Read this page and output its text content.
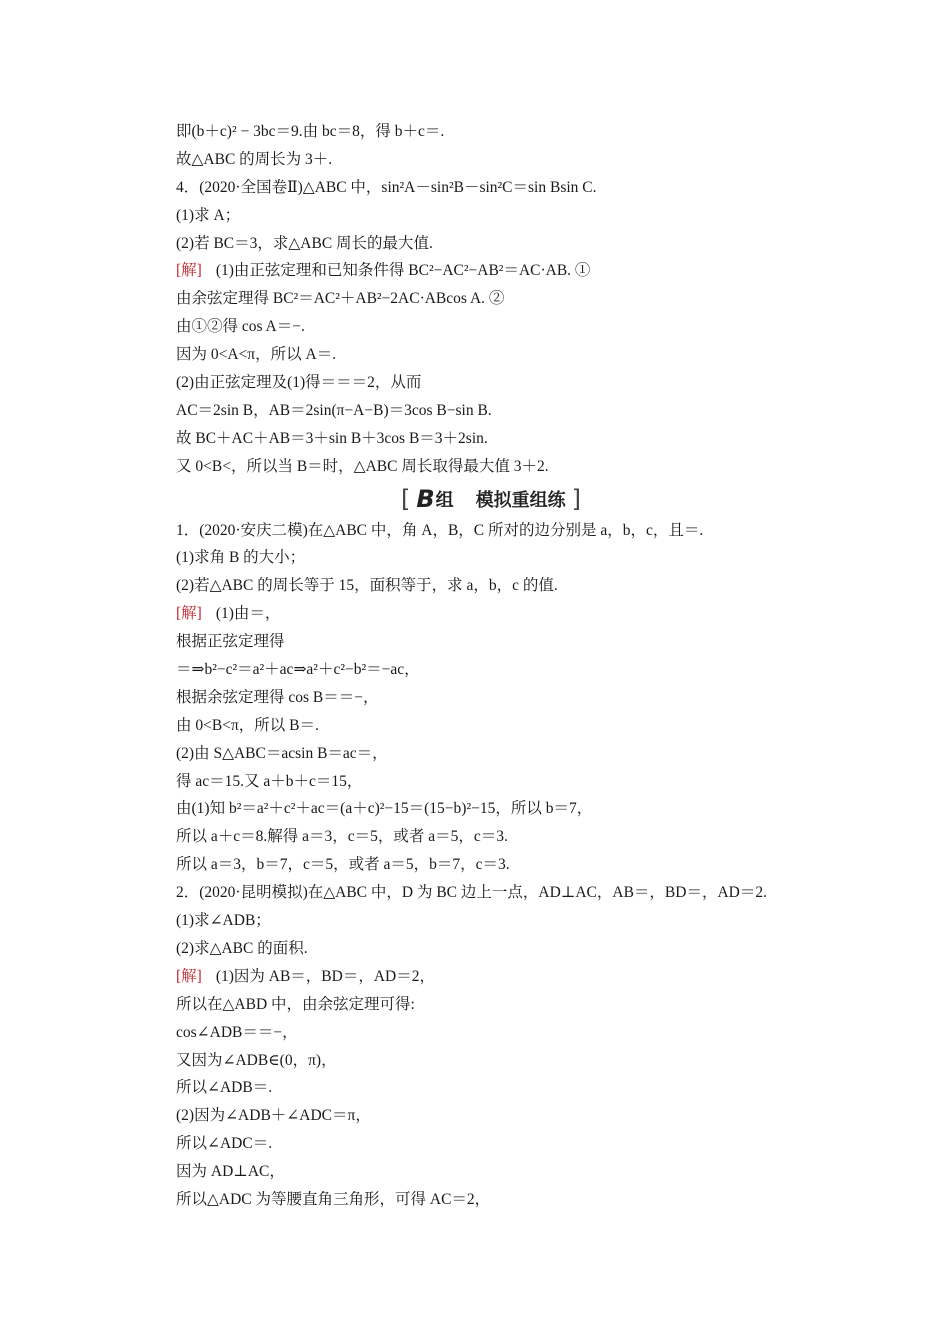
即(b＋c)² − 3bc＝9.由 bc＝8，得 b＋c＝.
故△ABC 的周长为 3＋.
4．(2020·全国卷Ⅱ)△ABC 中，sin²A－sin²B－sin²C＝sin Bsin C.
(1)求 A；
(2)若 BC＝3，求△ABC 周长的最大值.
[解] (1)由正弦定理和已知条件得 BC²−AC²−AB²＝AC·AB. ①
由余弦定理得 BC²＝AC²＋AB²−2AC·ABcos A. ②
由①②得 cos A＝−.
因为 0<A<π，所以 A＝.
(2)由正弦定理及(1)得＝＝＝2，从而
AC＝2sin B，AB＝2sin(π−A−B)＝3cos B−sin B.
故 BC＋AC＋AB＝3＋sin B＋3cos B＝3＋2sin.
又 0<B<，所以当 B＝时，△ABC 周长取得最大值 3＋2.
[ B 组 模拟重组练 ]
1．(2020·安庆二模)在△ABC 中，角 A，B，C 所对的边分别是 a，b，c，且＝.
(1)求角 B 的大小；
(2)若△ABC 的周长等于 15，面积等于，求 a，b，c 的值.
[解] (1)由＝，
根据正弦定理得
＝⇒b²−c²＝a²＋ac⇒a²＋c²−b²＝−ac，
根据余弦定理得 cos B＝＝−，
由 0<B<π，所以 B＝.
(2)由 S△ABC＝acsin B＝ac＝，
得 ac＝15.又 a＋b＋c＝15，
由(1)知 b²＝a²＋c²＋ac＝(a＋c)²−15＝(15−b)²−15，所以 b＝7，
所以 a＋c＝8.解得 a＝3，c＝5，或者 a＝5，c＝3.
所以 a＝3，b＝7，c＝5，或者 a＝5，b＝7，c＝3.
2．(2020·昆明模拟)在△ABC 中，D 为 BC 边上一点，AD⊥AC，AB＝，BD＝，AD＝2.
(1)求∠ADB；
(2)求△ABC 的面积.
[解] (1)因为 AB＝，BD＝，AD＝2，
所以在△ABD 中，由余弦定理可得:
cos∠ADB＝＝−，
又因为∠ADB∈(0，π)，
所以∠ADB＝.
(2)因为∠ADB＋∠ADC＝π，
所以∠ADC＝.
因为 AD⊥AC，
所以△ADC 为等腰直角三角形，可得 AC＝2，
